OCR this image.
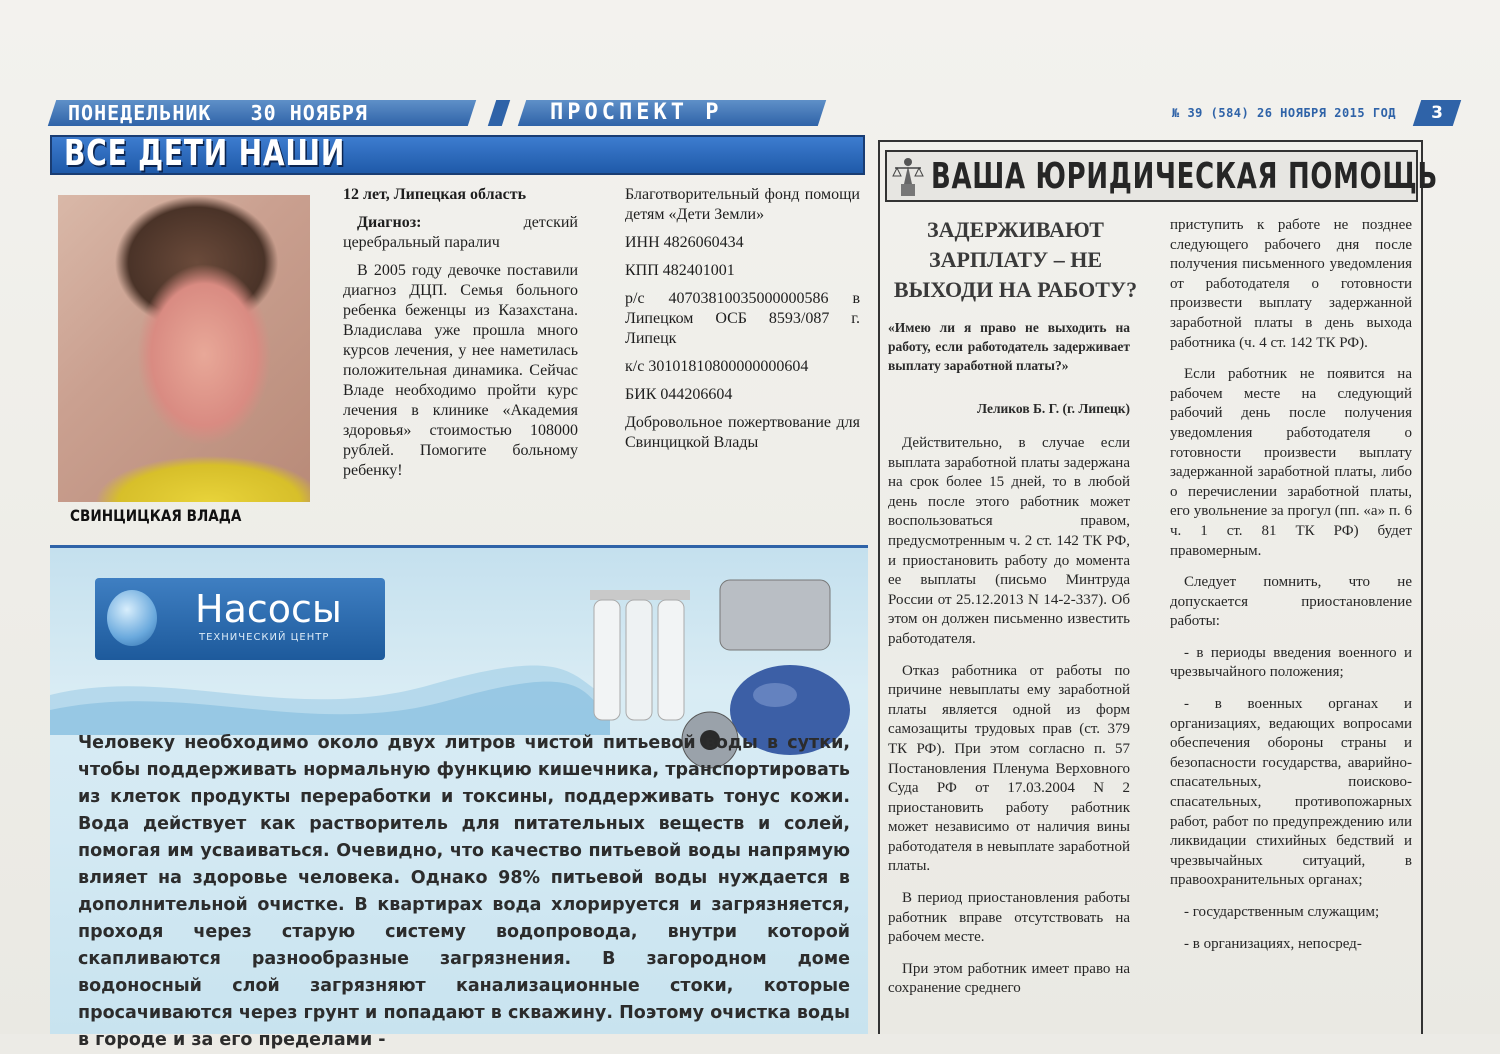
ПОНЕДЕЛЬНИК   30 НОЯБРЯ	ПРОСПЕКТ Р	№ 39 (584) 26 НОЯБРЯ 2015 ГОД	3
ВСЕ ДЕТИ НАШИ
СВИНЦИЦКАЯ ВЛАДА

12 лет, Липецкая область

Диагноз: детский церебральный паралич

В 2005 году девочке поставили диагноз ДЦП. Семья больного ребенка беженцы из Казахстана. Владислава уже прошла много курсов лечения, у нее наметилась положительная динамика. Сейчас Владе необходимо пройти курс лечения в клинике «Академия здоровья» стоимостью 108000 рублей. Помогите больному ребенку!

Благотворительный фонд помощи детям «Дети Земли»

ИНН 4826060434

КПП 482401001

р/с 40703810035000000586 в Липецком ОСБ 8593/087 г. Липецк

к/с 30101810800000000604

БИК 044206604

Добровольное пожертвование для Свинцицкой Влады

Насосы
ТЕХНИЧЕСКИЙ ЦЕНТР
Человеку необходимо около двух литров чистой питьевой воды в сутки, чтобы поддерживать нормальную функцию кишечника, транспортировать из клеток продукты переработки и токсины, поддерживать тонус кожи. Вода действует как растворитель для питательных веществ и солей, помогая им усваиваться. Очевидно, что качество питьевой воды напрямую влияет на здоровье человека. Однако 98% питьевой воды нуждается в дополнительной очистке. В квартирах вода хлорируется и загрязняется, проходя через старую систему водопровода, внутри которой скапливаются разнообразные загрязнения. В загородном доме водоносный слой загрязняют канализационные стоки, которые просачиваются через грунт и попадают в скважину. Поэтому очистка воды в городе и за его пределами -
ВАША ЮРИДИЧЕСКАЯ ПОМОЩЬ
ЗАДЕРЖИВАЮТ ЗАРПЛАТУ – НЕ ВЫХОДИ НА РАБОТУ?
«Имею ли я право не выходить на работу, если работодатель задерживает выплату заработной платы?»
Леликов Б. Г. (г. Липецк)

Действительно, в случае если выплата заработной платы задержана на срок более 15 дней, то в любой день после этого работник может воспользоваться правом, предусмотренным ч. 2 ст. 142 ТК РФ, и приостановить работу до момента ее выплаты (письмо Минтруда России от 25.12.2013 N 14-2-337). Об этом он должен письменно известить работодателя.

Отказ работника от работы по причине невыплаты ему заработной платы является одной из форм самозащиты трудовых прав (ст. 379 ТК РФ). При этом согласно п. 57 Постановления Пленума Верховного Суда РФ от 17.03.2004 N 2 приостановить работу работник может независимо от наличия вины работодателя в невыплате заработной платы.

В период приостановления работы работник вправе отсутствовать на рабочем месте.

При этом работник имеет право на сохранение среднего

приступить к работе не позднее следующего рабочего дня после получения письменного уведомления от работодателя о готовности произвести выплату задержанной заработной платы в день выхода работника (ч. 4 ст. 142 ТК РФ).

Если работник не появится на рабочем месте на следующий рабочий день после получения уведомления работодателя о готовности произвести выплату задержанной заработной платы, либо о перечислении заработной платы, его увольнение за прогул (пп. «а» п. 6 ч. 1 ст. 81 ТК РФ) будет правомерным.

Следует помнить, что не допускается приостановление работы:

- в периоды введения военного и чрезвычайного положения;

- в военных органах и организациях, ведающих вопросами обеспечения обороны страны и безопасности государства, аварийно-спасательных, поисково-спасательных, противопожарных работ, работ по предупреждению или ликвидации стихийных бедствий и чрезвычайных ситуаций, в правоохранительных органах;

- государственным служащим;

- в организациях, непосред-
